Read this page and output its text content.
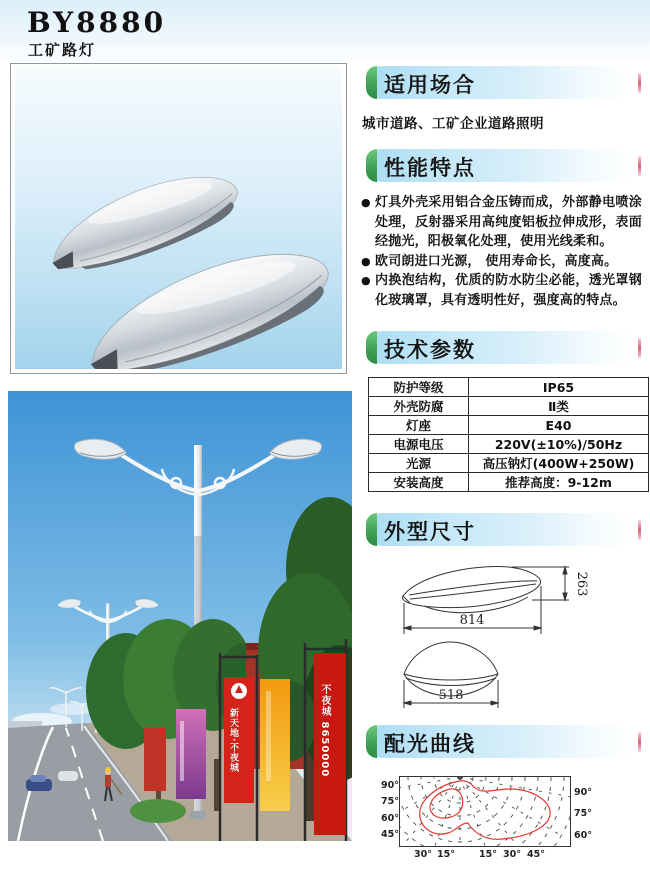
BY8880
工矿路灯
新天地·不夜城	不夜城 8650000
适用场合
城市道路、工矿企业道路照明
性能特点
● 灯具外壳采用铝合金压铸而成，外部静电喷涂处理，反射器采用高纯度铝板拉伸成形，表面经抛光，阳极氧化处理，使用光线柔和。
● 欧司朗进口光源， 使用寿命长，高度高。
● 内换泡结构，优质的防水防尘必能，透光罩钢化玻璃罩，具有透明性好，强度高的特点。
技术参数
防护等级	IP65
外壳防腐	Ⅱ类
灯座	E40
电源电压	220V(±10%)/50Hz
光源	高压钠灯(400W+250W)
安装高度	推荐高度：9-12m
外型尺寸
814
263
518
配光曲线
90°
75°
60°
45°
90°
75°
60°
30° 15°	15° 30° 45°
